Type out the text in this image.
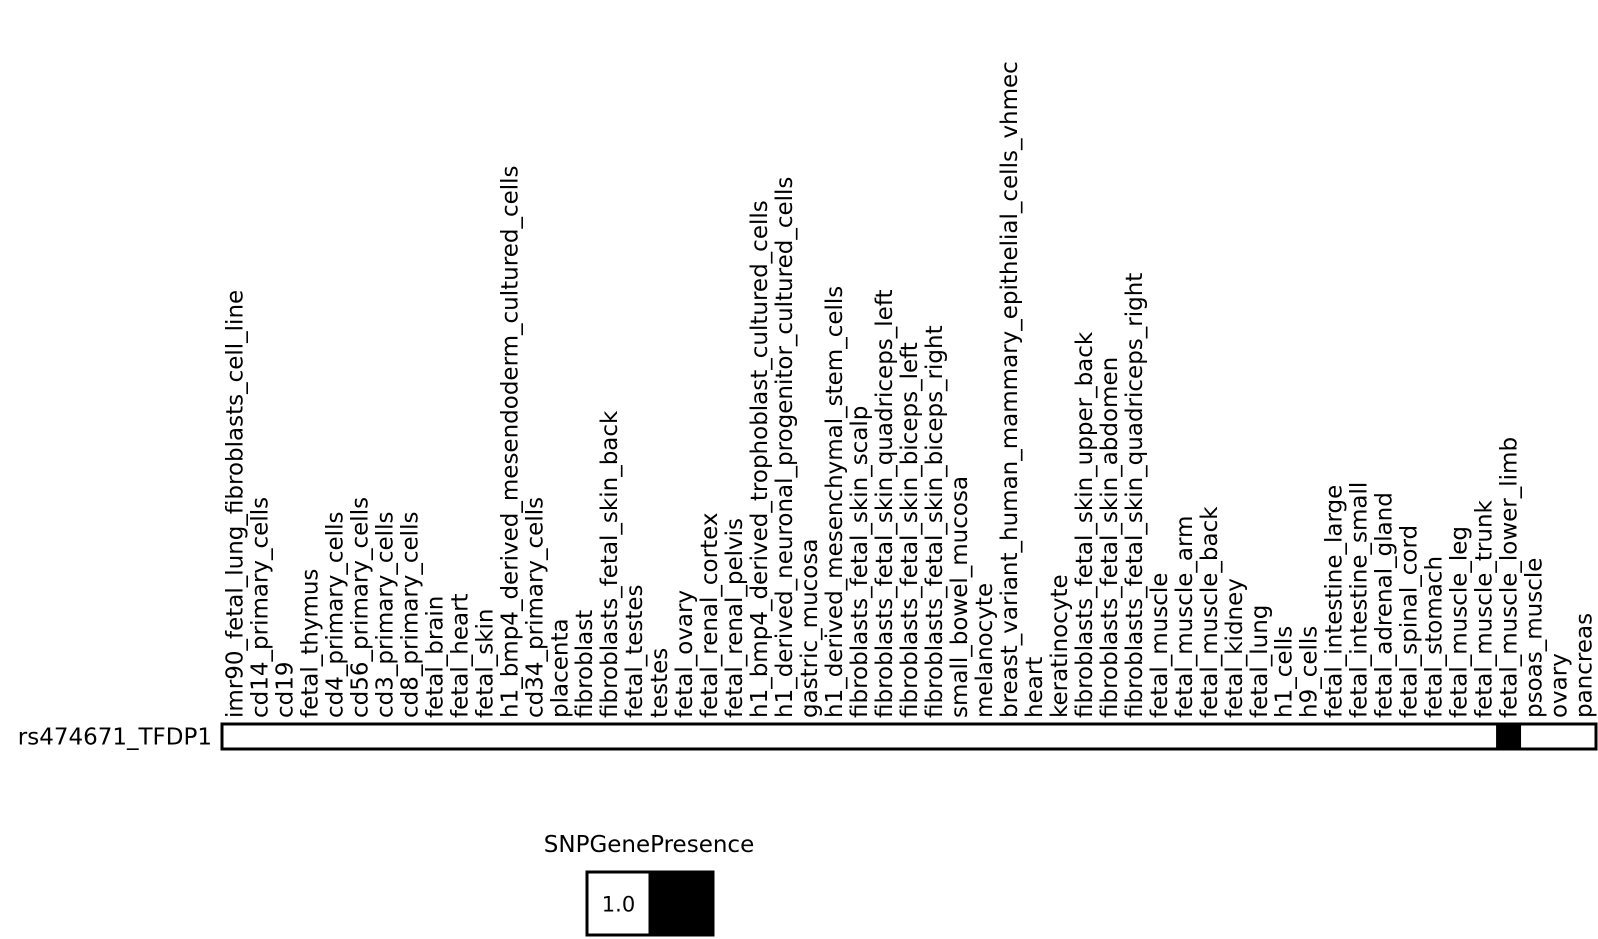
imr90_fetal_lung_fibroblasts_cell_line
cd14_primary_cells
cd19
fetal_thymus
cd4_primary_cells
cd56_primary_cells
cd3_primary_cells
cd8_primary_cells
fetal_brain
fetal_heart
fetal_skin
h1_bmp4_derived_mesendoderm_cultured_cells
cd34_primary_cells
placenta
fibroblast
fibroblasts_fetal_skin_back
fetal_testes
testes
fetal_ovary
fetal_renal_cortex
fetal_renal_pelvis
h1_bmp4_derived_trophoblast_cultured_cells
h1_derived_neuronal_progenitor_cultured_cells
gastric_mucosa
h1_derived_mesenchymal_stem_cells
fibroblasts_fetal_skin_scalp
fibroblasts_fetal_skin_quadriceps_left
fibroblasts_fetal_skin_biceps_left
fibroblasts_fetal_skin_biceps_right
small_bowel_mucosa
melanocyte
breast_variant_human_mammary_epithelial_cells_vhmec
heart
keratinocyte
fibroblasts_fetal_skin_upper_back
fibroblasts_fetal_skin_abdomen
fibroblasts_fetal_skin_quadriceps_right
fetal_muscle
fetal_muscle_arm
fetal_muscle_back
fetal_kidney
fetal_lung
h1_cells
h9_cells
fetal_intestine_large
fetal_intestine_small
fetal_adrenal_gland
fetal_spinal_cord
fetal_stomach
fetal_muscle_leg
fetal_muscle_trunk
fetal_muscle_lower_limb
psoas_muscle
ovary
pancreas
rs474671_TFDP1
SNPGenePresence
1.0 2.0
